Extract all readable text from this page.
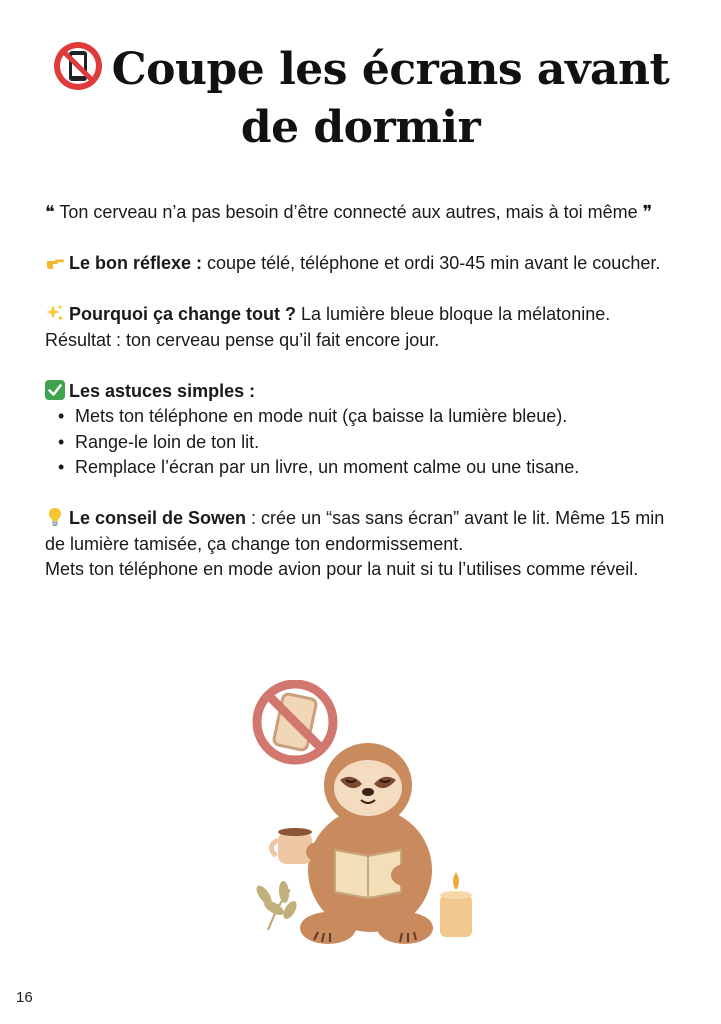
Coupe les écrans avant de dormir

❝ Ton cerveau n’a pas besoin d’être connecté aux autres, mais à toi même ❞

Le bon réflexe : coupe télé, téléphone et ordi 30-45 min avant le coucher.

Pourquoi ça change tout ? La lumière bleue bloque la mélatonine. Résultat : ton cerveau pense qu’il fait encore jour.

Les astuces simples :
• Mets ton téléphone en mode nuit (ça baisse la lumière bleue).
• Range-le loin de ton lit.
• Remplace l’écran par un livre, un moment calme ou une tisane.

Le conseil de Sowen : crée un “sas sans écran” avant le lit. Même 15 min de lumière tamisée, ça change ton endormissement.
Mets ton téléphone en mode avion pour la nuit si tu l’utilises comme réveil.

16
